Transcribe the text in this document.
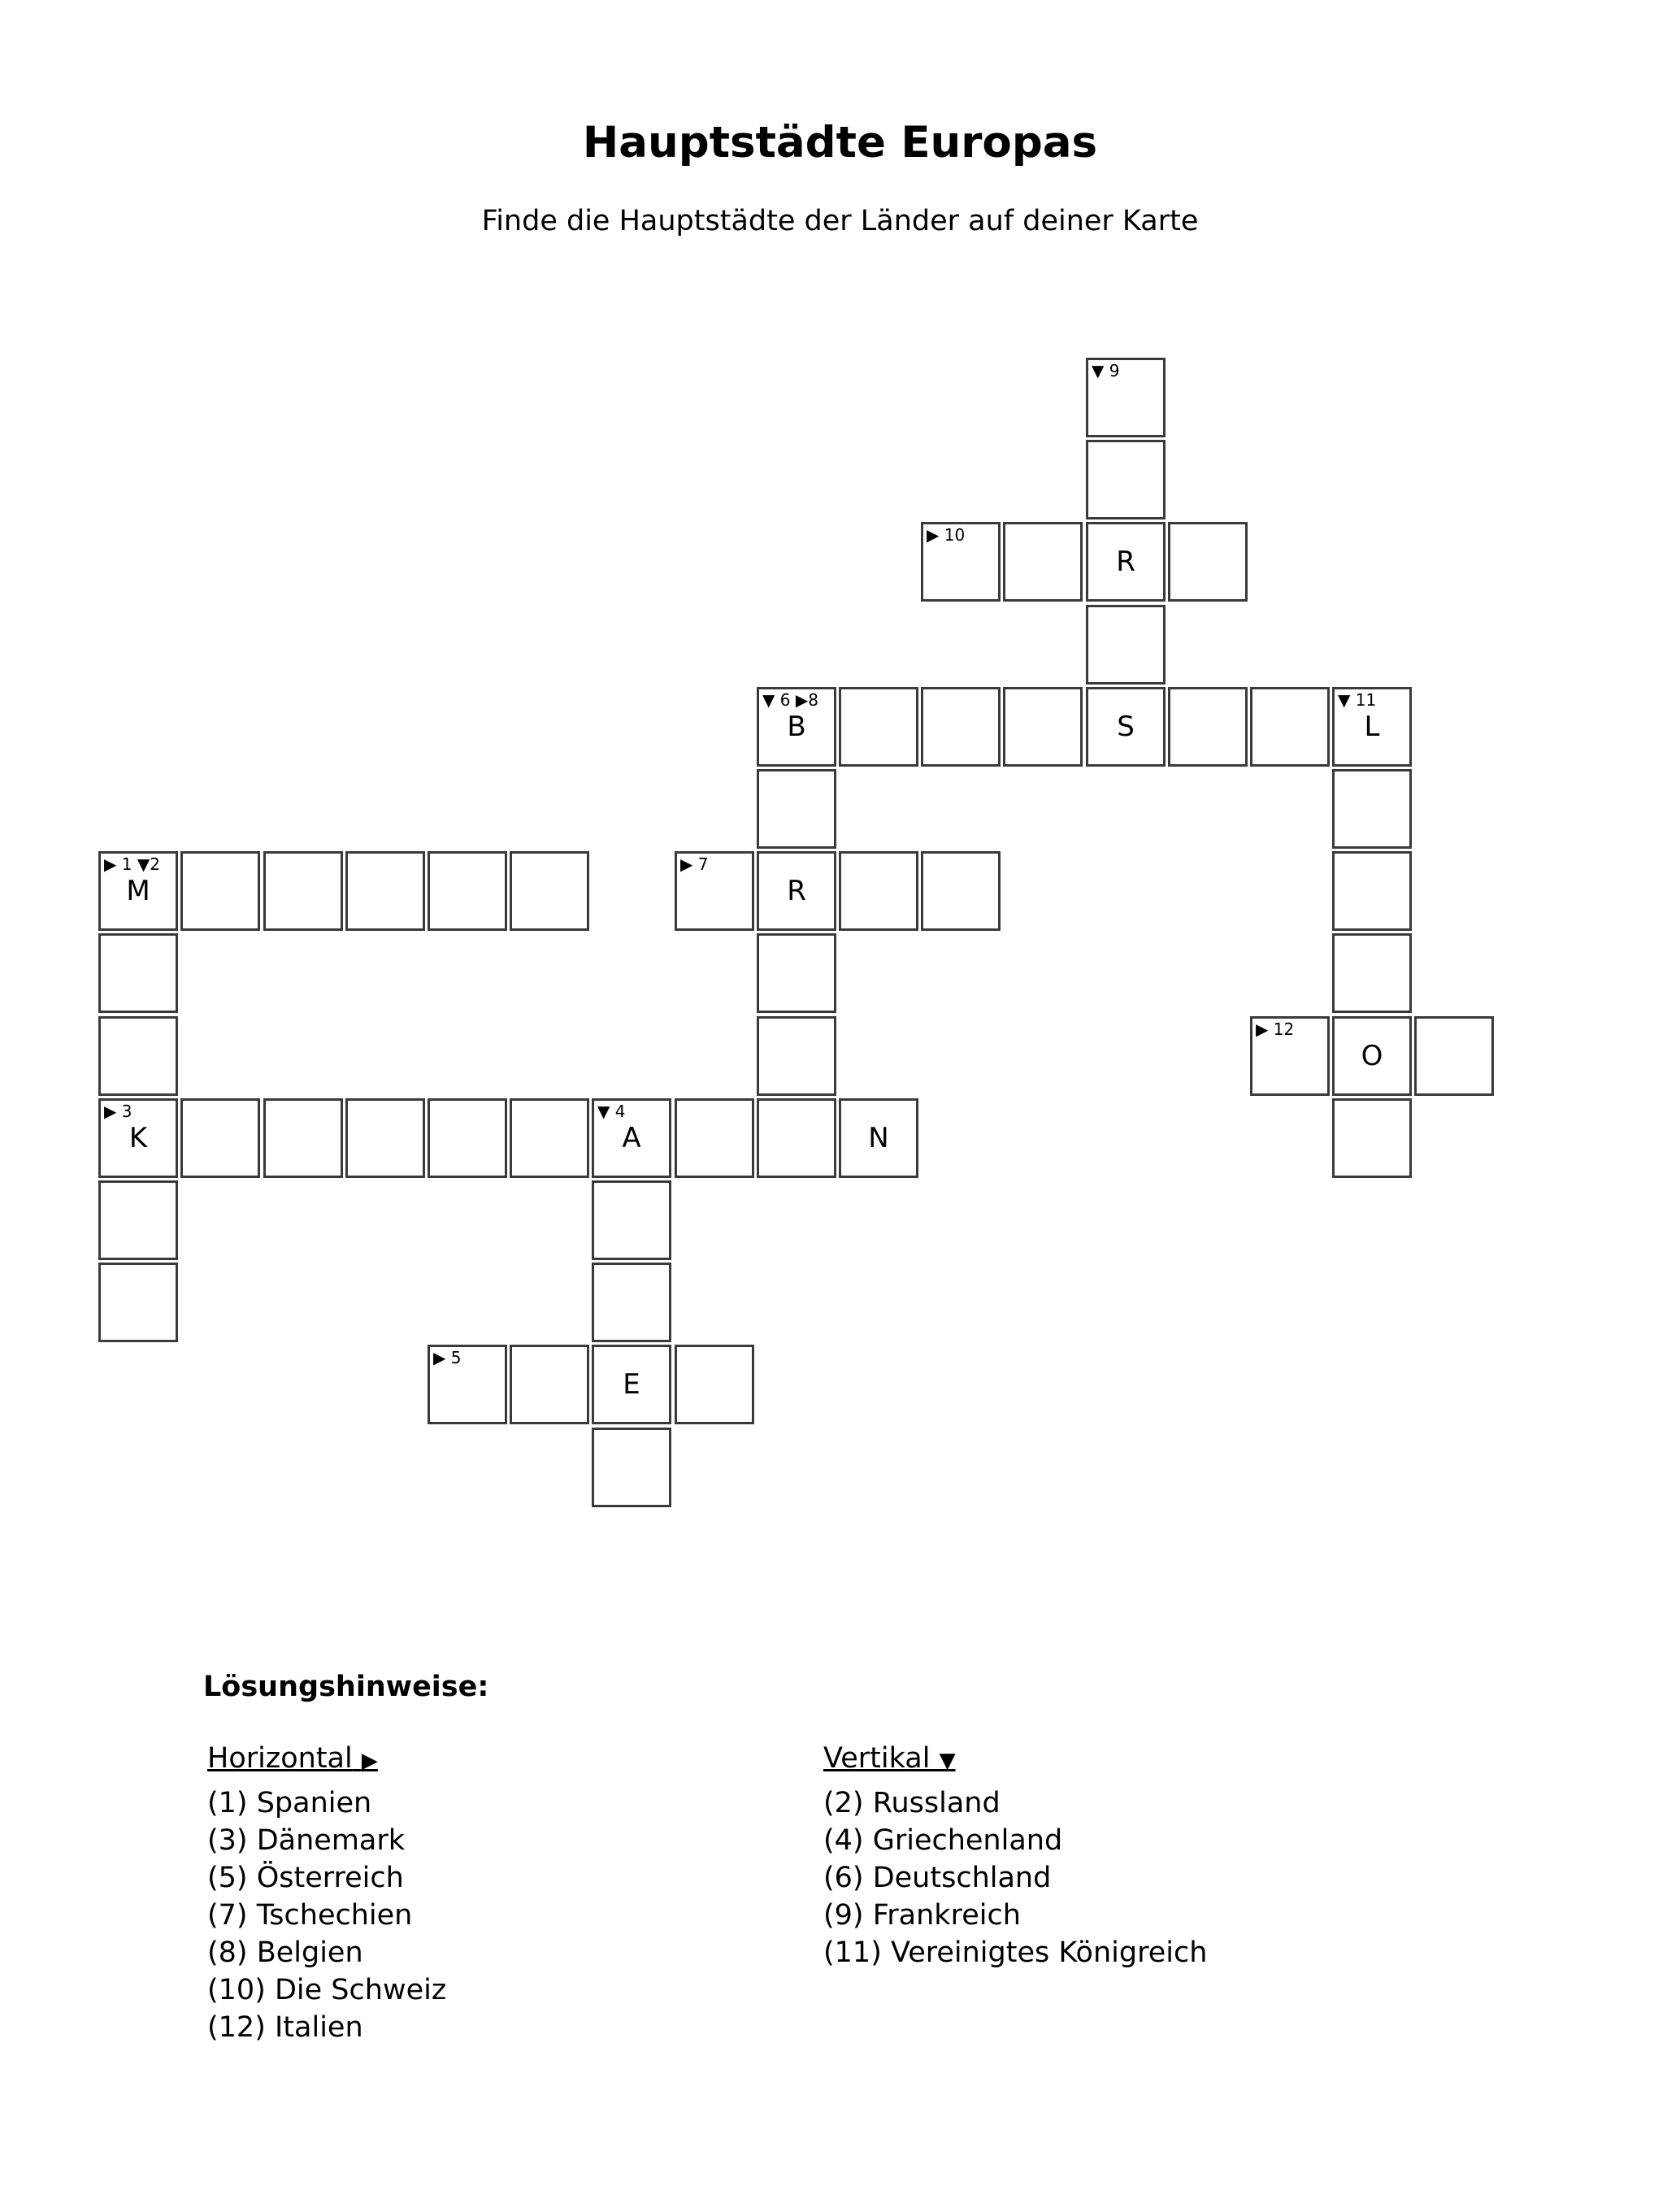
Hauptstädte Europas
Finde die Hauptstädte der Länder auf deiner Karte
▼ 9
▶ 10
R
▼ 6 ▶8
B	S
▼ 11
L
▶ 1 ▼2
M
▶ 7
R
▶ 12
O
▶ 3
K
▼ 4
A	N
▶ 5
E
Lösungshinweise:
Horizontal ▶
(1) Spanien
(3) Dänemark
(5) Österreich
(7) Tschechien
(8) Belgien
(10) Die Schweiz
(12) Italien
Vertikal ▼
(2) Russland
(4) Griechenland
(6) Deutschland
(9) Frankreich
(11) Vereinigtes Königreich
